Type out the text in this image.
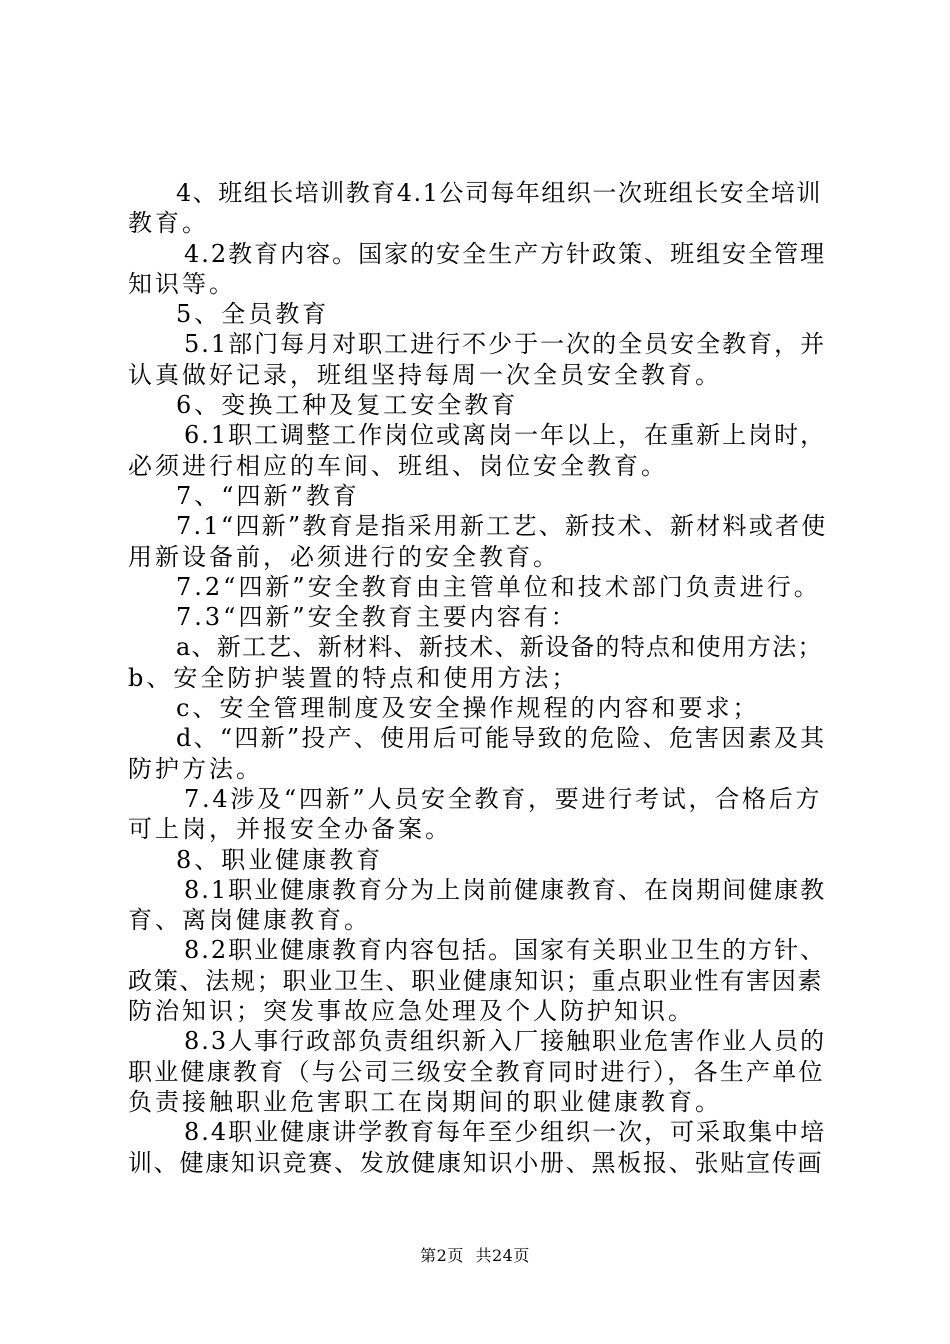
4、班组长培训教育4.1公司每年组织一次班组长安全培训
教育。
4.2教育内容。国家的安全生产方针政策、班组安全管理
知识等。
5、全员教育
5.1部门每月对职工进行不少于一次的全员安全教育，并
认真做好记录，班组坚持每周一次全员安全教育。
6、变换工种及复工安全教育
6.1职工调整工作岗位或离岗一年以上，在重新上岗时，
必须进行相应的车间、班组、岗位安全教育。
7、“四新”教育
7.1“四新”教育是指采用新工艺、新技术、新材料或者使
用新设备前，必须进行的安全教育。
7.2“四新”安全教育由主管单位和技术部门负责进行。
7.3“四新”安全教育主要内容有：
a、新工艺、新材料、新技术、新设备的特点和使用方法；
b、安全防护装置的特点和使用方法；
c、安全管理制度及安全操作规程的内容和要求；
d、“四新”投产、使用后可能导致的危险、危害因素及其
防护方法。
7.4涉及“四新”人员安全教育，要进行考试，合格后方
可上岗，并报安全办备案。
8、职业健康教育
8.1职业健康教育分为上岗前健康教育、在岗期间健康教
育、离岗健康教育。
8.2职业健康教育内容包括。国家有关职业卫生的方针、
政策、法规；职业卫生、职业健康知识；重点职业性有害因素
防治知识；突发事故应急处理及个人防护知识。
8.3人事行政部负责组织新入厂接触职业危害作业人员的
职业健康教育（与公司三级安全教育同时进行），各生产单位
负责接触职业危害职工在岗期间的职业健康教育。
8.4职业健康讲学教育每年至少组织一次，可采取集中培
训、健康知识竞赛、发放健康知识小册、黑板报、张贴宣传画
第2页 共24页
